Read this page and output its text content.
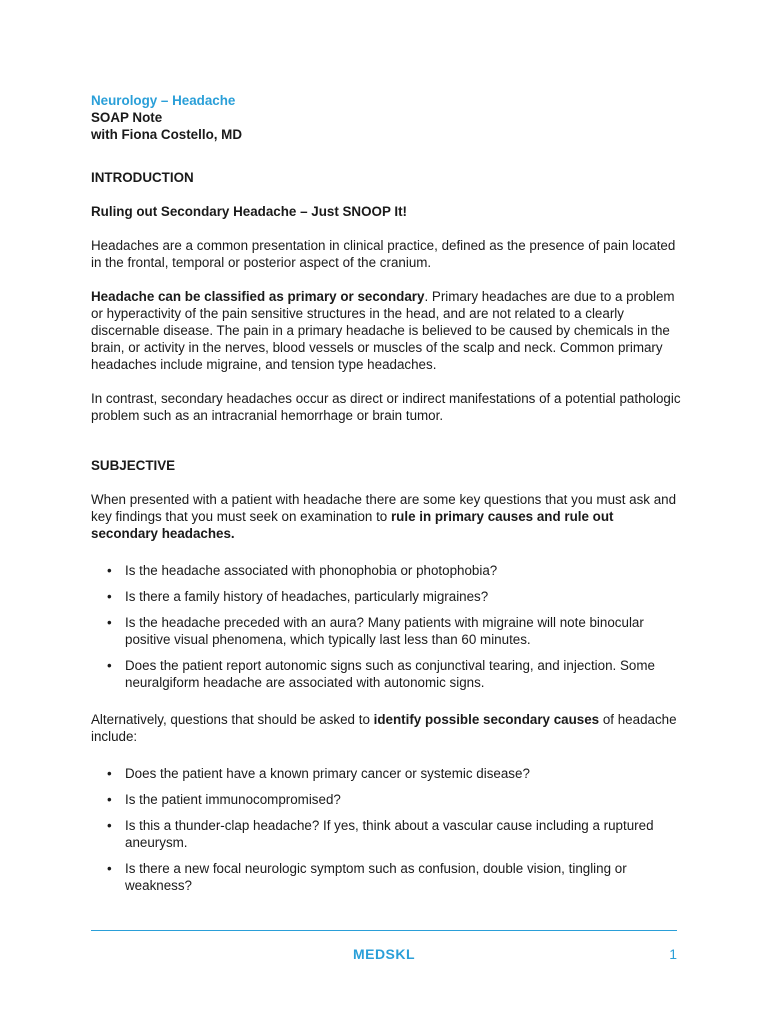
Neurology – Headache

SOAP Note

with Fiona Costello, MD

INTRODUCTION

Ruling out Secondary Headache – Just SNOOP It!

Headaches are a common presentation in clinical practice, defined as the presence of pain located in the frontal, temporal or posterior aspect of the cranium.

Headache can be classified as primary or secondary. Primary headaches are due to a problem or hyperactivity of the pain sensitive structures in the head, and are not related to a clearly discernable disease. The pain in a primary headache is believed to be caused by chemicals in the brain, or activity in the nerves, blood vessels or muscles of the scalp and neck. Common primary headaches include migraine, and tension type headaches.

In contrast, secondary headaches occur as direct or indirect manifestations of a potential pathologic problem such as an intracranial hemorrhage or brain tumor.

SUBJECTIVE

When presented with a patient with headache there are some key questions that you must ask and key findings that you must seek on examination to rule in primary causes and rule out secondary headaches.

• Is the headache associated with phonophobia or photophobia?
• Is there a family history of headaches, particularly migraines?
• Is the headache preceded with an aura? Many patients with migraine will note binocular positive visual phenomena, which typically last less than 60 minutes.
• Does the patient report autonomic signs such as conjunctival tearing, and injection. Some neuralgiform headache are associated with autonomic signs.

Alternatively, questions that should be asked to identify possible secondary causes of headache include:

• Does the patient have a known primary cancer or systemic disease?
• Is the patient immunocompromised?
• Is this a thunder-clap headache? If yes, think about a vascular cause including a ruptured aneurysm.
• Is there a new focal neurologic symptom such as confusion, double vision, tingling or weakness?
MEDSKL	1
